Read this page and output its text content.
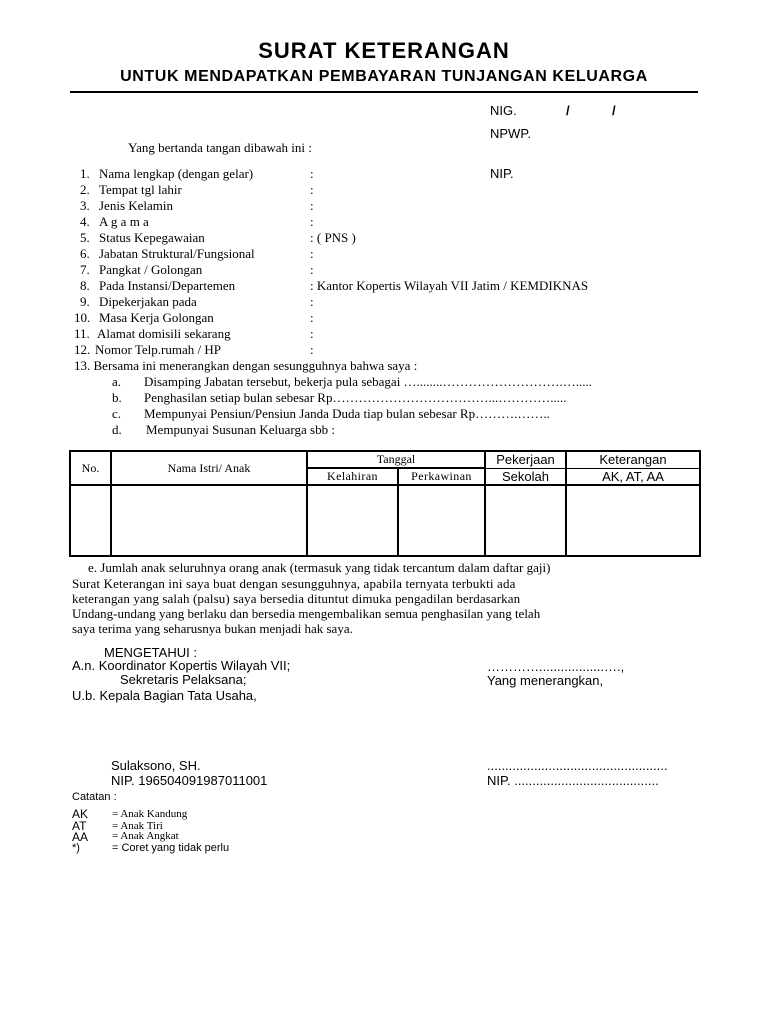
SURAT KETERANGAN
UNTUK MENDAPATKAN PEMBAYARAN TUNJANGAN KELUARGA
NIG.	/	/
NPWP.
NIP.
Yang bertanda tangan dibawah ini :
1. Nama lengkap (dengan gelar)	:
2. Tempat tgl lahir	:
3. Jenis Kelamin	:
4. A g a m a	:
5. Status Kepegawaian	: ( PNS )
6. Jabatan Struktural/Fungsional	:
7. Pangkat / Golongan	:
8. Pada Instansi/Departemen	: Kantor Kopertis Wilayah VII Jatim / KEMDIKNAS
9. Dipekerjakan pada	:
10. Masa Kerja Golongan	:
11. Alamat domisili sekarang	:
12. Nomor Telp.rumah / HP	:
13. Bersama ini menerangkan dengan sesungguhnya bahwa saya :
a. Disamping Jabatan tersebut, bekerja pula sebagai …........……………………….….....
b. Penghasilan setiap bulan sebesar Rp………………………………...………….....
c. Mempunyai Pensiun/Pensiun Janda Duda tiap bulan sebesar Rp……….……..
d. Mempunyai Susunan Keluarga sbb :
No.	Nama Istri/ Anak	Tanggal		Pekerjaan	Keterangan
		Kelahiran	Perkawinan	Sekolah	AK, AT, AA

e. Jumlah anak seluruhnya orang anak (termasuk yang tidak tercantum dalam daftar gaji)
Surat Keterangan ini saya buat dengan sesungguhnya, apabila ternyata terbukti ada
keterangan yang salah (palsu) saya bersedia dituntut dimuka pengadilan berdasarkan
Undang-undang yang berlaku dan bersedia mengembalikan semua penghasilan yang telah
saya terima yang seharusnya bukan menjadi hak saya.
MENGETAHUI :
A.n. Koordinator Kopertis Wilayah VII;
Sekretaris Pelaksana;
U.b. Kepala Bagian Tata Usaha,
Sulaksono, SH.
NIP. 196504091987011001
…………..................….,
Yang menerangkan,
..................................................
NIP. ........................................
Catatan :
AK = Anak Kandung
AT = Anak Tiri
AA = Anak Angkat
*)	= Coret yang tidak perlu
